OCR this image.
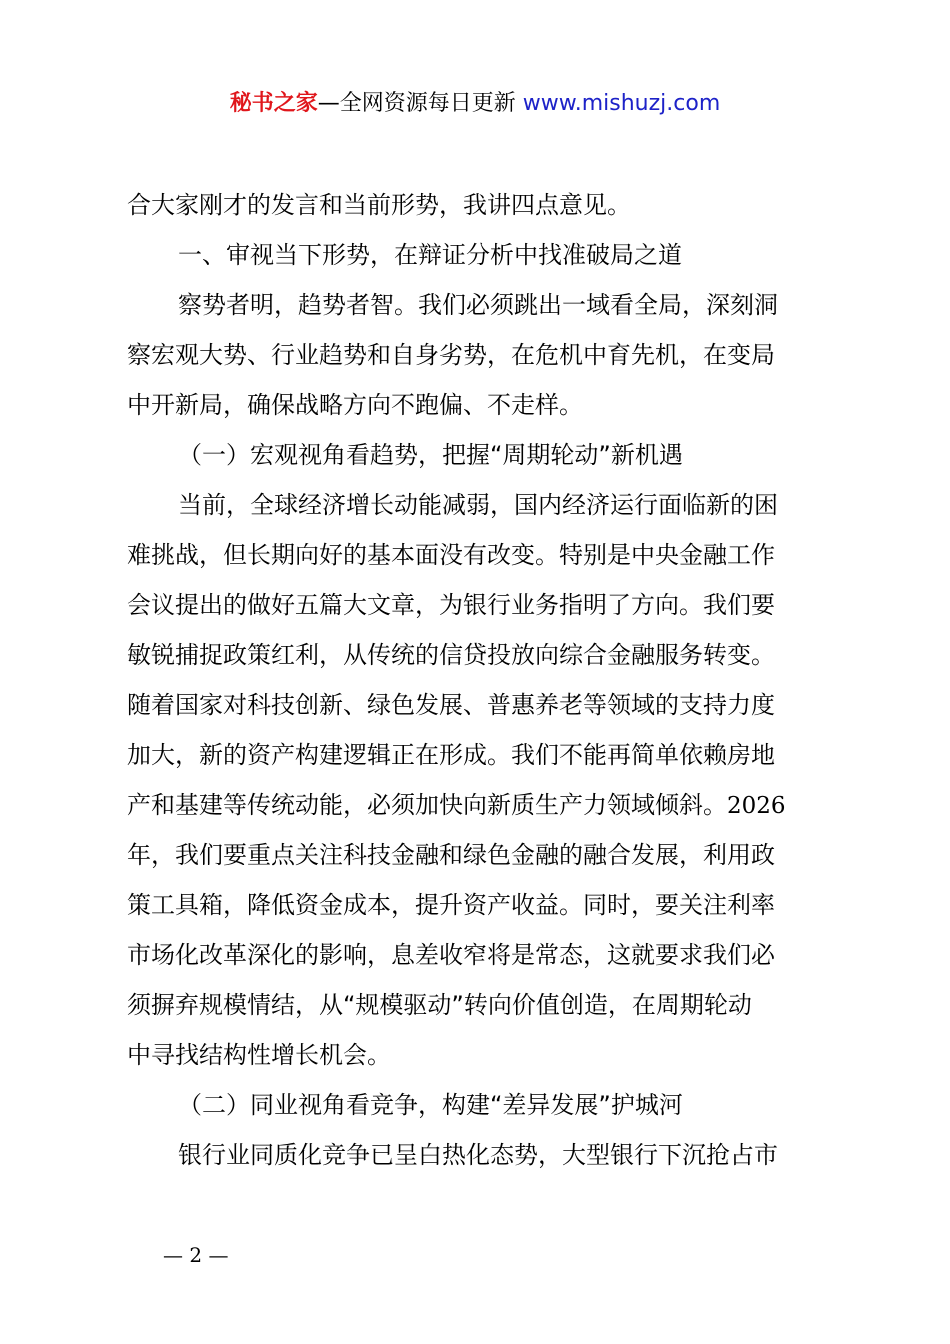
秘书之家—全网资源每日更新 www.mishuzj.com
合大家刚才的发言和当前形势，我讲四点意见。
一、审视当下形势，在辩证分析中找准破局之道
察势者明，趋势者智。我们必须跳出一域看全局，深刻洞
察宏观大势、行业趋势和自身劣势，在危机中育先机，在变局
中开新局，确保战略方向不跑偏、不走样。
（一）宏观视角看趋势，把握“周期轮动”新机遇
当前，全球经济增长动能减弱，国内经济运行面临新的困
难挑战，但长期向好的基本面没有改变。特别是中央金融工作
会议提出的做好五篇大文章，为银行业务指明了方向。我们要
敏锐捕捉政策红利，从传统的信贷投放向综合金融服务转变。
随着国家对科技创新、绿色发展、普惠养老等领域的支持力度
加大，新的资产构建逻辑正在形成。我们不能再简单依赖房地
产和基建等传统动能，必须加快向新质生产力领域倾斜。2026
年，我们要重点关注科技金融和绿色金融的融合发展，利用政
策工具箱，降低资金成本，提升资产收益。同时，要关注利率
市场化改革深化的影响，息差收窄将是常态，这就要求我们必
须摒弃规模情结，从“规模驱动”转向价值创造，在周期轮动
中寻找结构性增长机会。
（二）同业视角看竞争，构建“差异发展”护城河
银行业同质化竞争已呈白热化态势，大型银行下沉抢占市
— 2 —
